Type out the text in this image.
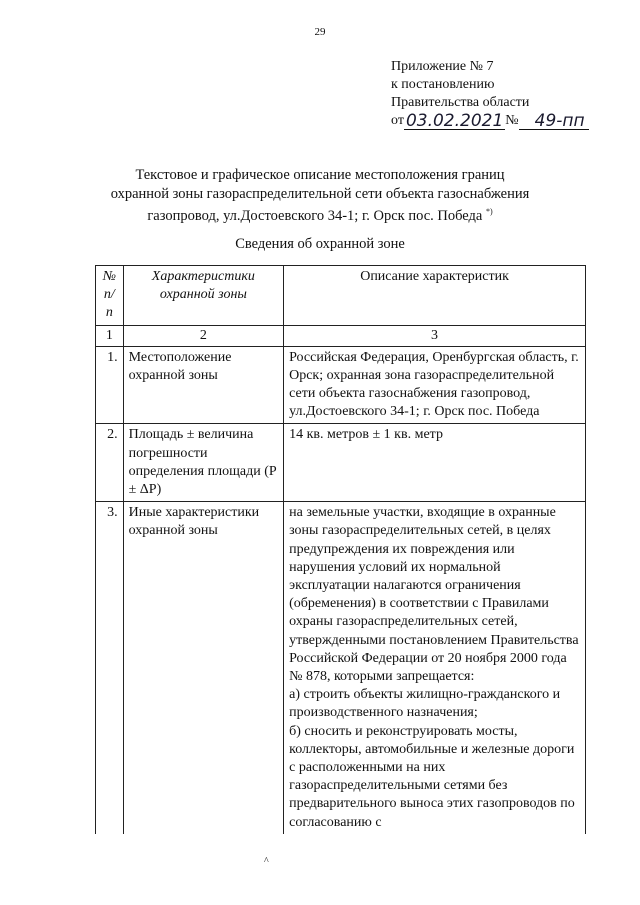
29
Приложение № 7
к постановлению
Правительства области
от 03.02.2021 № 49-пп
Текстовое и графическое описание местоположения границ
охранной зоны газораспределительной сети объекта газоснабжения
газопровод, ул.Достоевского 34-1; г. Орск пос. Победа *)
Сведения об охранной зоне
№ п/п	Характеристики охранной зоны	Описание характеристик
1	2	3
1.	Местоположение охранной зоны	Российская Федерация, Оренбургская область, г. Орск; охранная зона газораспределительной сети объекта газоснабжения газопровод, ул.Достоевского 34-1; г. Орск пос. Победа
2.	Площадь ± величина погрешности определения площади (P ± ΔP)	14 кв. метров ± 1 кв. метр
3.	Иные характеристики охранной зоны	на земельные участки, входящие в охранные зоны газораспределительных сетей, в целях предупреждения их повреждения или нарушения условий их нормальной эксплуатации налагаются ограничения (обременения) в соответствии с Правилами охраны газораспределительных сетей, утвержденными постановлением Правительства Российской Федерации от 20 ноября 2000 года № 878, которыми запрещается:
а) строить объекты жилищно-гражданского и производственного назначения;
б) сносить и реконструировать мосты, коллекторы, автомобильные и железные дороги с расположенными на них газораспределительными сетями без предварительного выноса этих газопроводов по согласованию с
^
